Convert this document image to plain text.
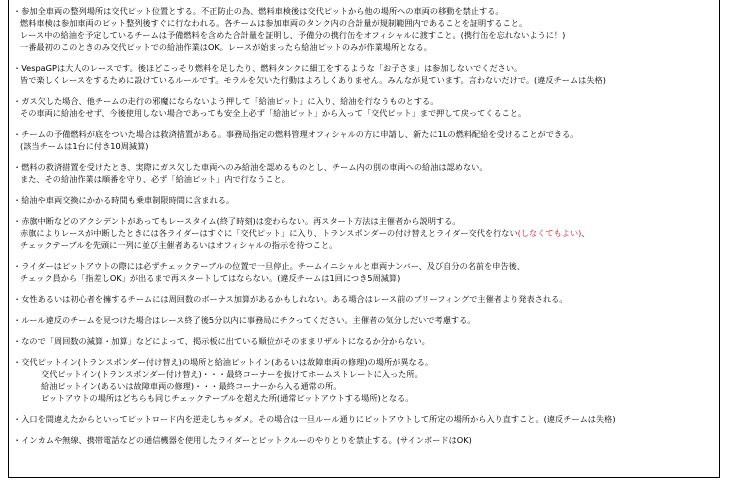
・参加全車両の整列場所は交代ピット位置とする。不正防止の為、燃料車検後は交代ピットから他の場所への車両の移動を禁止する。
燃料車検は参加車両のピット整列後すぐに行なわれる。各チームは参加車両のタンク内の合計量が規制範囲内であることを証明すること。
レース中の給油を予定しているチームは予備燃料を含めた合計量を証明し、予備分の携行缶をオフィシャルに渡すこと。(携行缶を忘れないように！)
一番最初のこのときのみ交代ピットでの給油作業はOK。レースが始まったら給油ピットのみが作業場所となる。
・VespaGPは大人のレースです。後ほどこっそり燃料を足したり、燃料タンクに細工をするような「お子さま」は参加しないでください。
皆で楽しくレースをするために設けているルールです。モラルを欠いた行動はよろしくありません。みんなが見ています。言わないだけで。(違反チームは失格)
・ガス欠した場合、他チームの走行の邪魔にならないよう押して「給油ピット」に入り、給油を行なうものとする。
その車両に給油をせず、今後使用しない場合であっても安全上必ず「給油ピット」から入って「交代ピット」まで押して戻ってくること。
・チームの予備燃料が底をついた場合は救済措置がある。事務局指定の燃料管理オフィシャルの方に申請し、新たに1Lの燃料配給を受けることができる。
(該当チームは1台に付き10周減算)
・燃料の救済措置を受けたとき、実際にガス欠した車両へのみ給油を認めるものとし、チーム内の別の車両への給油は認めない。
また、その給油作業は順番を守り、必ず「給油ピット」内で行なうこと。
・給油や車両交換にかかる時間も乗車制限時間に含まれる。
・赤旗中断などのアクシデントがあってもレースタイム(終了時刻)は変わらない。再スタート方法は主催者から説明する。
赤旗によりレースが中断したときには各ライダーはすぐに「交代ピット」に入り、トランスポンダーの付け替えとライダー交代を行ない(しなくてもよい)、
チェックテーブルを先頭に一列に並び主催者あるいはオフィシャルの指示を待つこと。
・ライダーはピットアウトの際には必ずチェックテーブルの位置で一旦停止。チームイニシャルと車両ナンバー、及び自分の名前を申告後、
チェック員から「指差しOK」が出るまで再スタートしてはならない。(違反チームは1回につき5周減算)
・女性あるいは初心者を擁するチームには周回数のボーナス加算があるかもしれない。ある場合はレース前のブリーフィングで主催者より発表される。
・ルール違反のチームを見つけた場合はレース終了後5分以内に事務局にチクってください。主催者の気分しだいで考慮する。
・なので「周回数の減算・加算」などによって、掲示板に出ている順位がそのままリザルトになるか分からない。
・交代ピットイン(トランスポンダー付け替え)の場所と給油ピットイン(あるいは故障車両の修理)の場所が異なる。
交代ピットイン(トランスポンダー付け替え)・・・最終コーナーを抜けてホームストレートに入った所。
給油ピットイン(あるいは故障車両の修理)・・・最終コーナーから入る通常の所。
ピットアウトの場所はどちらも同じチェックテーブルを超えた所(通常ピットアウトする場所)となる。
・入口を間違えたからといってピットロード内を逆走しちゃダメ。その場合は一旦ルール通りにピットアウトして所定の場所から入り直すこと。(違反チームは失格)
・インカムや無線、携帯電話などの通信機器を使用したライダーとピットクルーのやりとりを禁止する。(サインボードはOK)
